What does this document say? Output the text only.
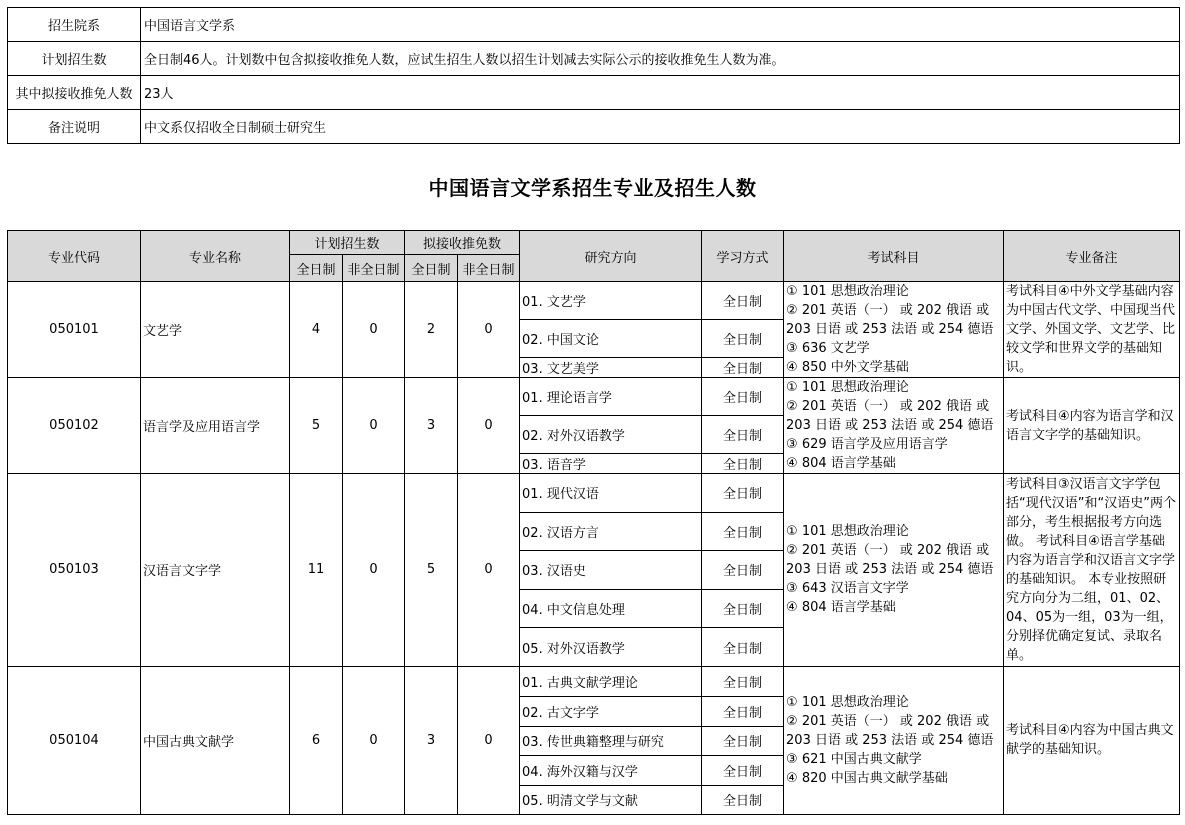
招生院系	中国语言文学系
计划招生数	全日制46人。计划数中包含拟接收推免人数，应试生招生人数以招生计划减去实际公示的接收推免生人数为准。
其中拟接收推免人数	23人
备注说明	中文系仅招收全日制硕士研究生
中国语言文学系招生专业及招生人数
专业代码	专业名称	计划招生数		拟接收推免数		研究方向	学习方式	考试科目	专业备注
		全日制	非全日制	全日制	非全日制				
050101	文艺学	4	0	2	0	01. 文艺学	全日制	① 101 思想政治理论
② 201 英语（一） 或 202 俄语 或
203 日语 或 253 法语 或 254 德语
③ 636 文艺学
④ 850 中外文学基础	考试科目④中外文学基础内容为中国古代文学、中国现当代文学、外国文学、文艺学、比较文学和世界文学的基础知识。
						02. 中国文论	全日制		
						03. 文艺美学	全日制		
050102	语言学及应用语言学	5	0	3	0	01. 理论语言学	全日制	① 101 思想政治理论
② 201 英语（一） 或 202 俄语 或
203 日语 或 253 法语 或 254 德语
③ 629 语言学及应用语言学
④ 804 语言学基础	考试科目④内容为语言学和汉语言文字学的基础知识。
						02. 对外汉语教学	全日制		
						03. 语音学	全日制		
050103	汉语言文字学	11	0	5	0	01. 现代汉语	全日制	① 101 思想政治理论
② 201 英语（一） 或 202 俄语 或
203 日语 或 253 法语 或 254 德语
③ 643 汉语言文字学
④ 804 语言学基础	考试科目③汉语言文字学包括“现代汉语”和“汉语史”两个部分，考生根据报考方向选做。 考试科目④语言学基础内容为语言学和汉语言文字学的基础知识。 本专业按照研究方向分为二组，01、02、04、05为一组，03为一组，分别择优确定复试、录取名单。
						02. 汉语方言	全日制		
						03. 汉语史	全日制		
						04. 中文信息处理	全日制		
						05. 对外汉语教学	全日制		
050104	中国古典文献学	6	0	3	0	01. 古典文献学理论	全日制	① 101 思想政治理论
② 201 英语（一） 或 202 俄语 或
203 日语 或 253 法语 或 254 德语
③ 621 中国古典文献学
④ 820 中国古典文献学基础	考试科目④内容为中国古典文献学的基础知识。
						02. 古文字学	全日制		
						03. 传世典籍整理与研究	全日制		
						04. 海外汉籍与汉学	全日制		
						05. 明清文学与文献	全日制		
